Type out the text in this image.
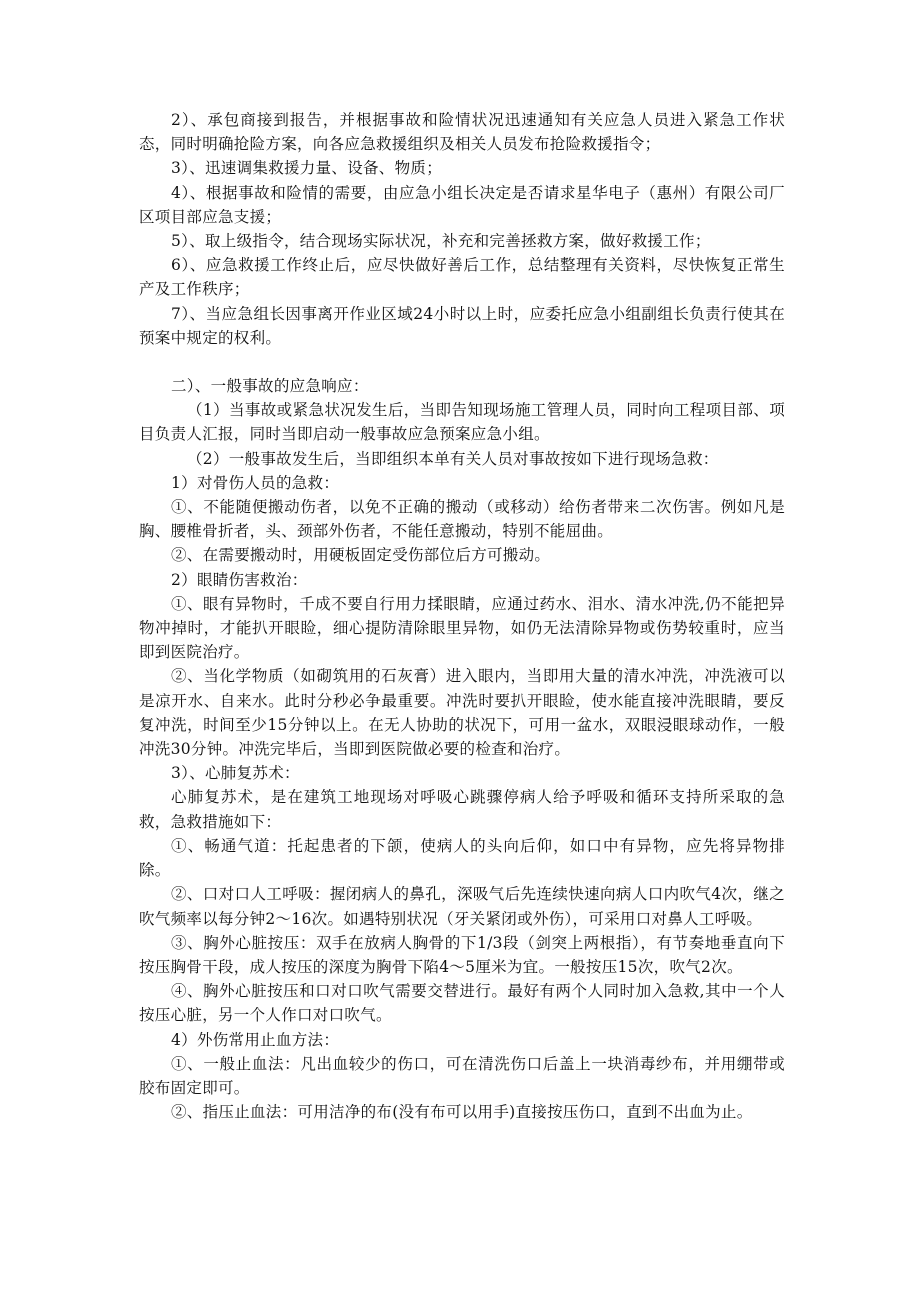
2）、承包商接到报告，并根据事故和险情状况迅速通知有关应急人员进入紧急工作状态，同时明确抢险方案，向各应急救援组织及相关人员发布抢险救援指令；

3）、迅速调集救援力量、设备、物质；

4）、根据事故和险情的需要，由应急小组长决定是否请求星华电子（惠州）有限公司厂区项目部应急支援；

5）、取上级指令，结合现场实际状况，补充和完善拯救方案，做好救援工作；

6）、应急救援工作终止后，应尽快做好善后工作，总结整理有关资料，尽快恢复正常生产及工作秩序；

7）、当应急组长因事离开作业区域24小时以上时，应委托应急小组副组长负责行使其在预案中规定的权利。

二）、一般事故的应急响应：

（1）当事故或紧急状况发生后，当即告知现场施工管理人员，同时向工程项目部、项目负责人汇报，同时当即启动一般事故应急预案应急小组。

（2）一般事故发生后，当即组织本单有关人员对事故按如下进行现场急救：

1）对骨伤人员的急救：

①、不能随便搬动伤者，以免不正确的搬动（或移动）给伤者带来二次伤害。例如凡是胸、腰椎骨折者，头、颈部外伤者，不能任意搬动，特别不能屈曲。

②、在需要搬动时，用硬板固定受伤部位后方可搬动。

2）眼睛伤害救治：

①、眼有异物时，千成不要自行用力揉眼睛，应通过药水、泪水、清水冲洗,仍不能把异物冲掉时，才能扒开眼睑，细心提防清除眼里异物，如仍无法清除异物或伤势较重时，应当即到医院治疗。

②、当化学物质（如砌筑用的石灰膏）进入眼内，当即用大量的清水冲洗，冲洗液可以是凉开水、自来水。此时分秒必争最重要。冲洗时要扒开眼睑，使水能直接冲洗眼睛，要反复冲洗，时间至少15分钟以上。在无人协助的状况下，可用一盆水，双眼浸眼球动作，一般冲洗30分钟。冲洗完毕后，当即到医院做必要的检查和治疗。

3）、心肺复苏术：

心肺复苏术，是在建筑工地现场对呼吸心跳骤停病人给予呼吸和循环支持所采取的急救，急救措施如下：

①、畅通气道：托起患者的下颌，使病人的头向后仰，如口中有异物，应先将异物排除。

②、口对口人工呼吸：握闭病人的鼻孔，深吸气后先连续快速向病人口内吹气4次，继之吹气频率以每分钟2～16次。如遇特别状况（牙关紧闭或外伤），可采用口对鼻人工呼吸。

③、胸外心脏按压：双手在放病人胸骨的下1/3段（剑突上两根指），有节奏地垂直向下按压胸骨干段，成人按压的深度为胸骨下陷4～5厘米为宜。一般按压15次，吹气2次。

④、胸外心脏按压和口对口吹气需要交替进行。最好有两个人同时加入急救,其中一个人按压心脏，另一个人作口对口吹气。

4）外伤常用止血方法：

①、一般止血法：凡出血较少的伤口，可在清洗伤口后盖上一块消毒纱布，并用绷带或胶布固定即可。

②、指压止血法：可用洁净的布(没有布可以用手)直接按压伤口，直到不出血为止。
